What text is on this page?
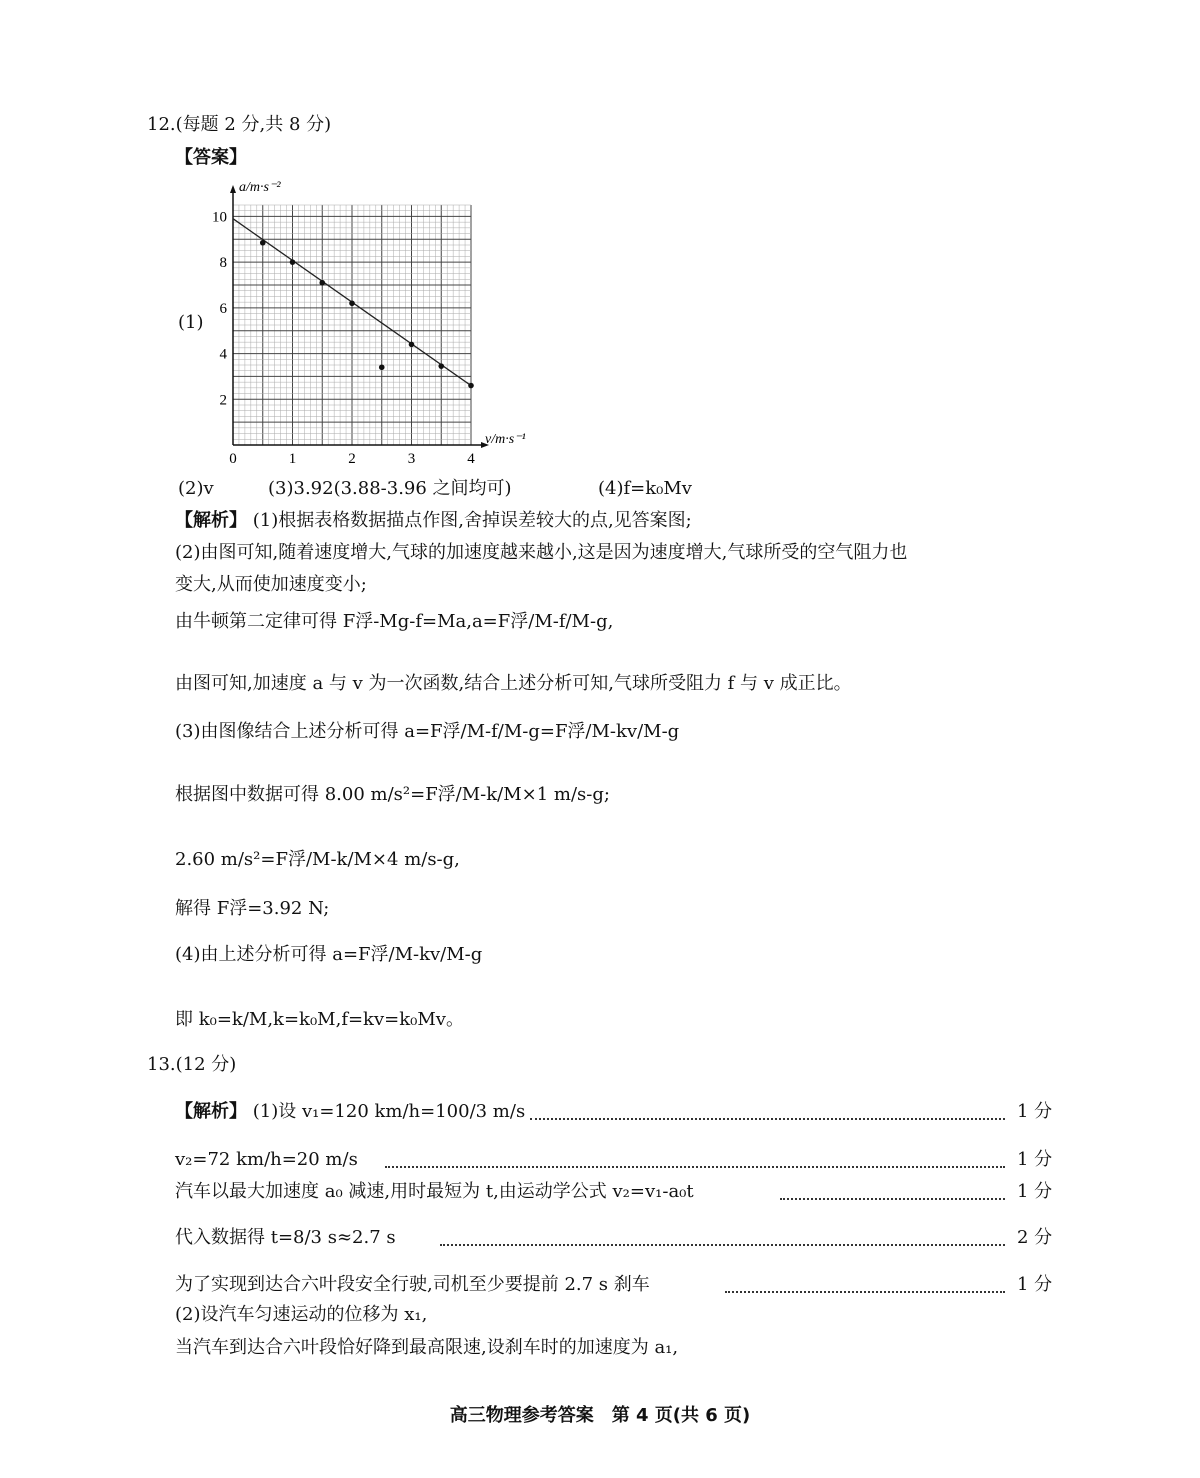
12.(每题 2 分,共 8 分)
【答案】
(1)
0	1	2	3	4
2
4
6
8
10
v/m·s⁻¹
a/m·s⁻²
(2)v	(3)3.92(3.88-3.96 之间均可)	(4)f=k₀Mv
【解析】 (1)根据表格数据描点作图,舍掉误差较大的点,见答案图;
(2)由图可知,随着速度增大,气球的加速度越来越小,这是因为速度增大,气球所受的空气阻力也
变大,从而使加速度变小;
由牛顿第二定律可得 F浮-Mg-f=Ma,a=F浮/M-f/M-g,
由图可知,加速度 a 与 v 为一次函数,结合上述分析可知,气球所受阻力 f 与 v 成正比。
(3)由图像结合上述分析可得 a=F浮/M-f/M-g=F浮/M-kv/M-g
根据图中数据可得 8.00 m/s²=F浮/M-k/M×1 m/s-g;
2.60 m/s²=F浮/M-k/M×4 m/s-g,
解得 F浮=3.92 N;
(4)由上述分析可得 a=F浮/M-kv/M-g
即 k₀=k/M,k=k₀M,f=kv=k₀Mv。
13.(12 分)
【解析】 (1)设 v₁=120 km/h=100/3 m/s	1 分
v₂=72 km/h=20 m/s	1 分
汽车以最大加速度 a₀ 减速,用时最短为 t,由运动学公式 v₂=v₁-a₀t	1 分
代入数据得 t=8/3 s≈2.7 s	2 分
为了实现到达合六叶段安全行驶,司机至少要提前 2.7 s 刹车	1 分
(2)设汽车匀速运动的位移为 x₁,
当汽车到达合六叶段恰好降到最高限速,设刹车时的加速度为 a₁,
高三物理参考答案　第 4 页(共 6 页)
